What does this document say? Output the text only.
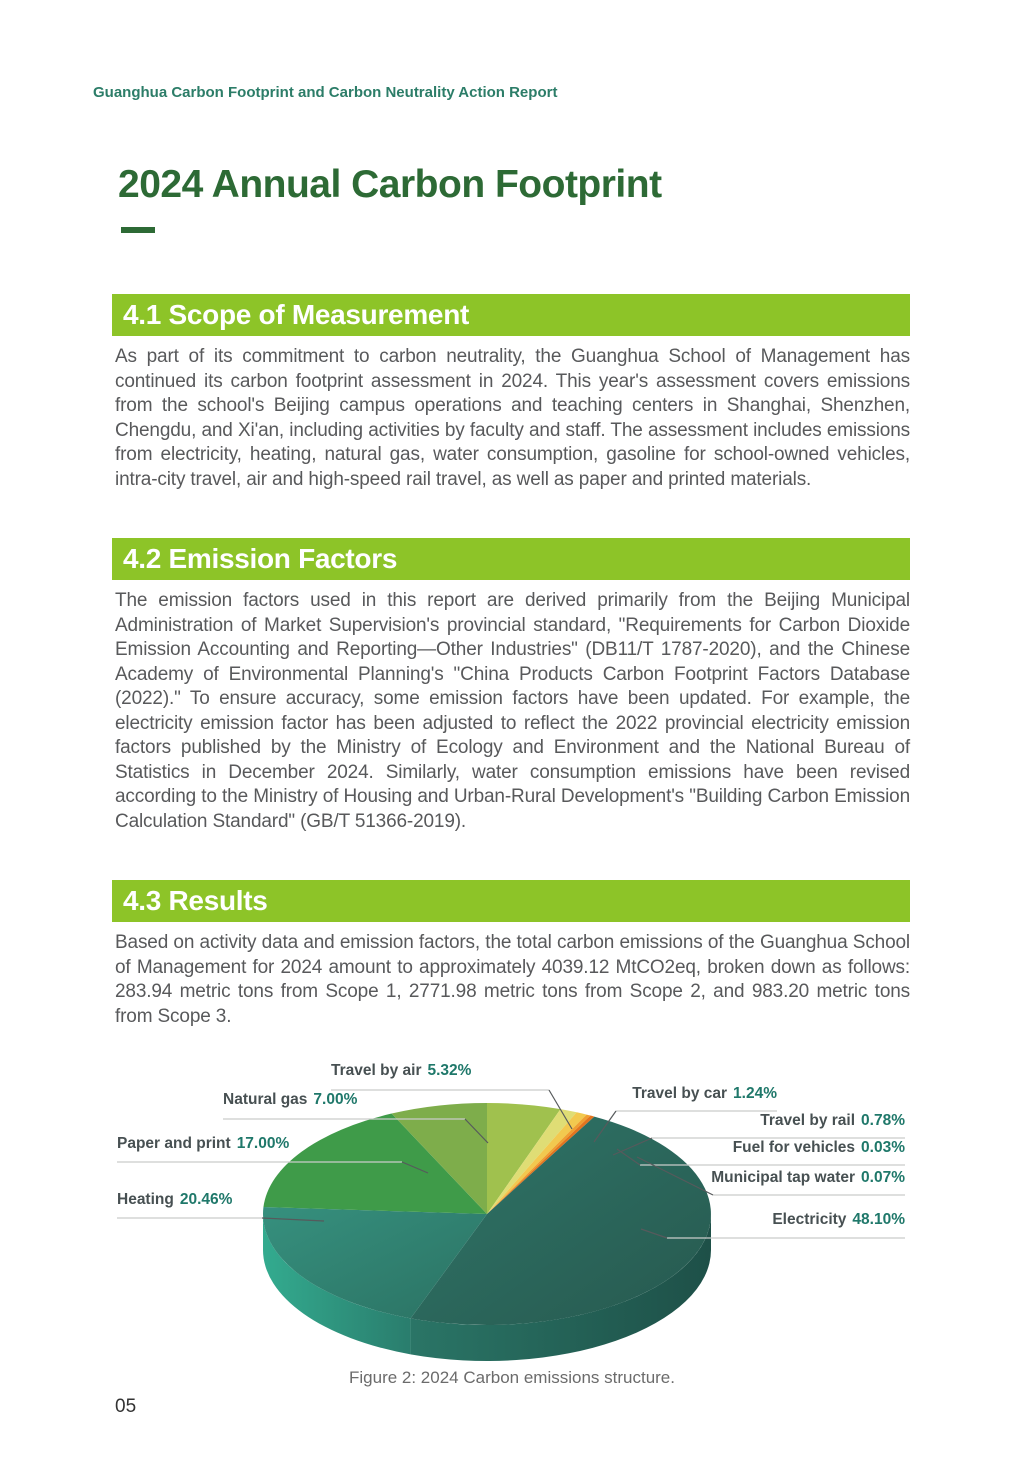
Guanghua Carbon Footprint and Carbon Neutrality Action Report
2024 Annual Carbon Footprint
4.1 Scope of Measurement

As part of its commitment to carbon neutrality, the Guanghua School of Management has continued its carbon footprint assessment in 2024. This year's assessment covers emissions from the school's Beijing campus operations and teaching centers in Shanghai, Shenzhen, Chengdu, and Xi'an, including activities by faculty and staff. The assessment includes emissions from electricity, heating, natural gas, water consumption, gasoline for school-owned vehicles, intra-city travel, air and high-speed rail travel, as well as paper and printed materials.

4.2 Emission Factors

The emission factors used in this report are derived primarily from the Beijing Municipal Administration of Market Supervision's provincial standard, "Requirements for Carbon Dioxide Emission Accounting and Reporting—Other Industries" (DB11/T 1787-2020), and the Chinese Academy of Environmental Planning's "China Products Carbon Footprint Factors Database (2022)." To ensure accuracy, some emission factors have been updated. For example, the electricity emission factor has been adjusted to reflect the 2022 provincial electricity emission factors published by the Ministry of Ecology and Environment and the National Bureau of Statistics in December 2024. Similarly, water consumption emissions have been revised according to the Ministry of Housing and Urban-Rural Development's "Building Carbon Emission Calculation Standard" (GB/T 51366-2019).

4.3 Results

Based on activity data and emission factors, the total carbon emissions of the Guanghua School of Management for 2024 amount to approximately 4039.12 MtCO2eq, broken down as follows: 283.94 metric tons from Scope 1, 2771.98 metric tons from Scope 2, and 983.20 metric tons from Scope 3.

Travel by air 5.32%
Travel by car 1.24%
Travel by rail 0.78%
Fuel for vehicles 0.03%
Municipal tap water 0.07%
Electricity 48.10%
Heating 20.46%
Paper and print 17.00%
Natural gas 7.00%
Figure 2: 2024 Carbon emissions structure.
05
